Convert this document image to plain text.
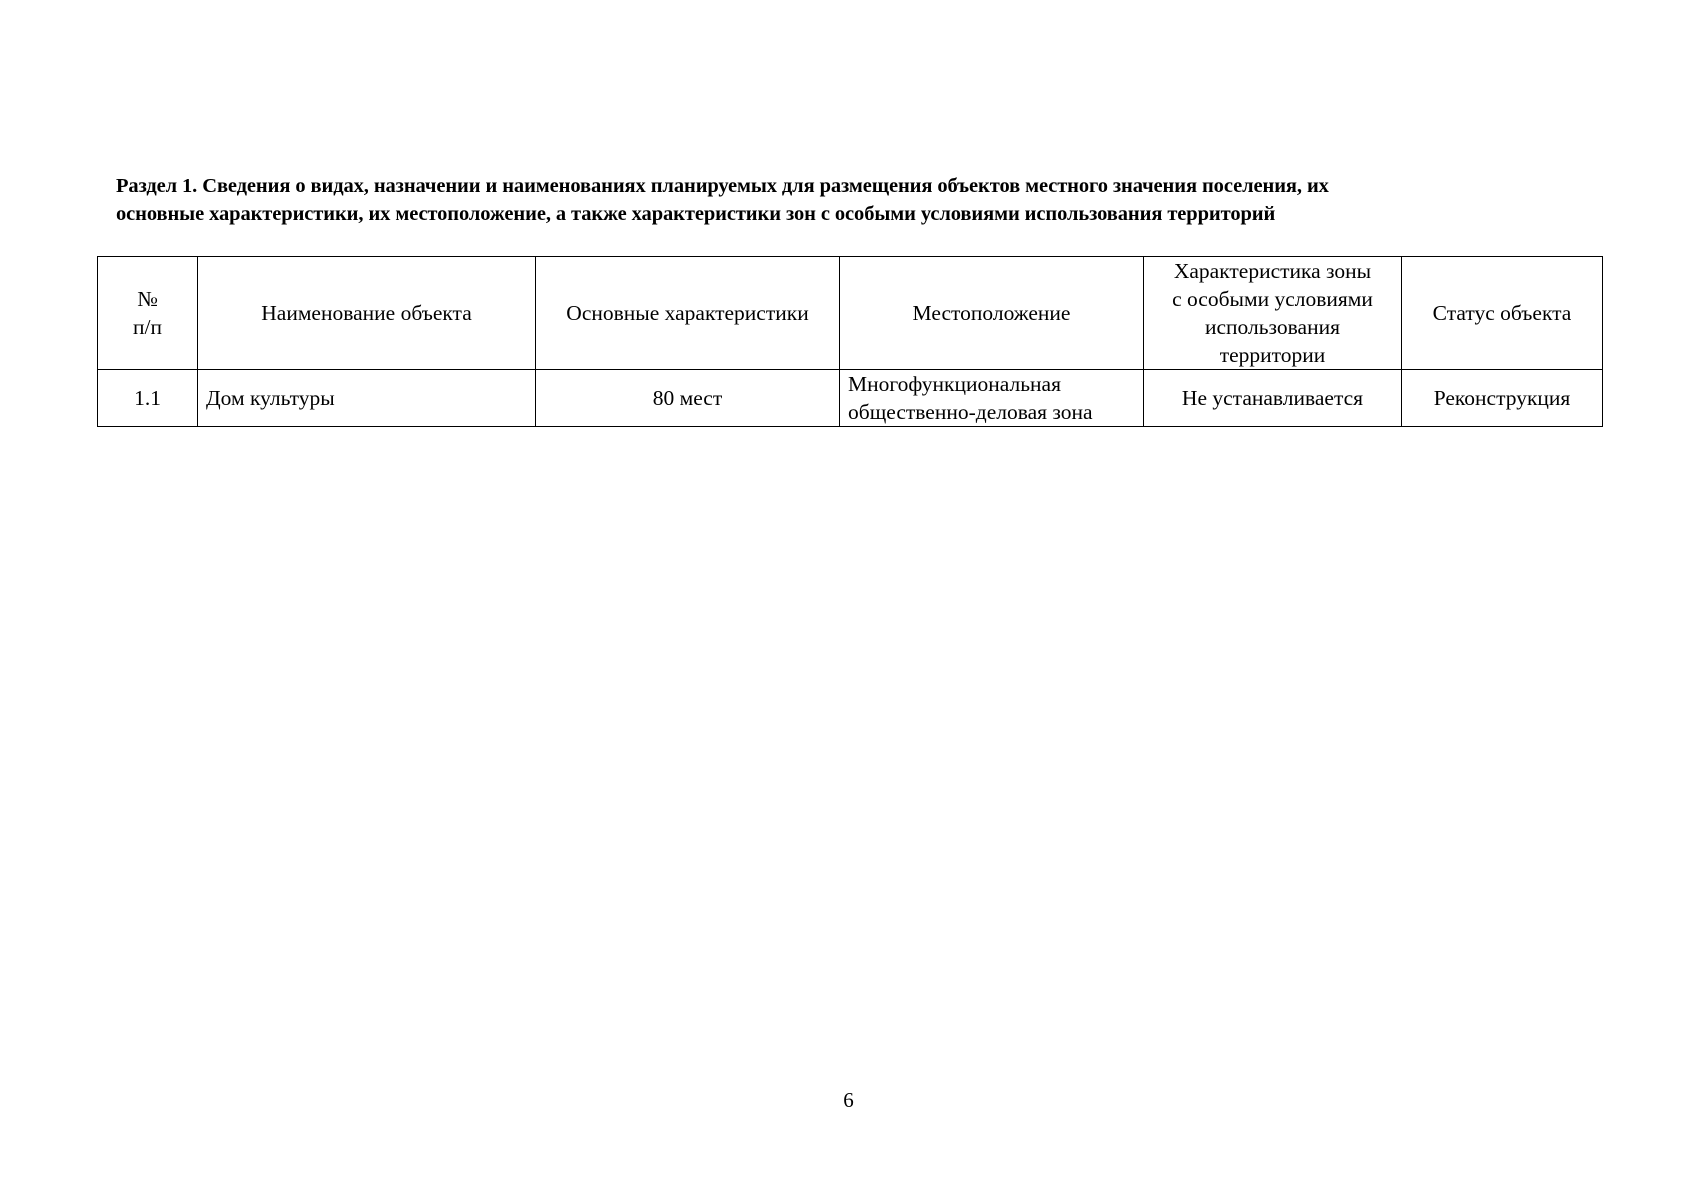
Раздел 1. Сведения о видах, назначении и наименованиях планируемых для размещения объектов местного значения поселения, их
основные характеристики, их местоположение, а также характеристики зон с особыми условиями использования территорий
№
п/п	Наименование объекта	Основные характеристики	Местоположение	Характеристика зоны
с особыми условиями
использования
территории	Статус объекта
1.1	Дом культуры	80 мест	Многофункциональная
общественно-деловая зона	Не устанавливается	Реконструкция
6
